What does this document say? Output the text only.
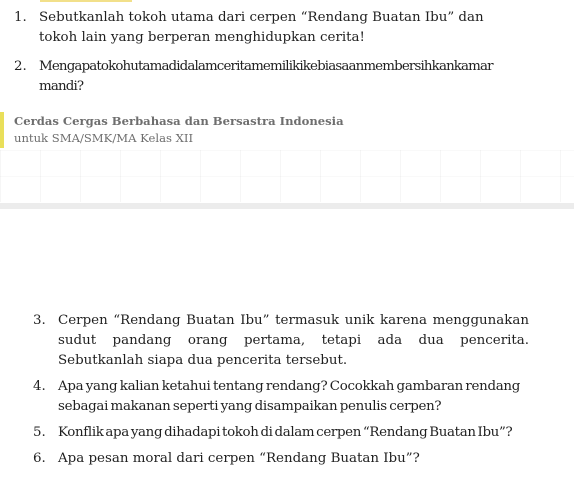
1. Sebutkanlah tokoh utama dari cerpen “Rendang Buatan Ibu” dan tokoh lain yang berperan menghidupkan cerita!
2. Mengapa tokoh utama di dalam cerita memiliki kebiasaan membersihkan kamar mandi?
Cerdas Cergas Berbahasa dan Bersastra Indonesia
untuk SMA/SMK/MA Kelas XII
3. Cerpen “Rendang Buatan Ibu” termasuk unik karena menggunakan sudut pandang orang pertama, tetapi ada dua pencerita. Sebutkanlah siapa dua pencerita tersebut.
4. Apa yang kalian ketahui tentang rendang? Cocokkah gambaran rendang sebagai makanan seperti yang disampaikan penulis cerpen?
5. Konflik apa yang dihadapi tokoh di dalam cerpen “Rendang Buatan Ibu”?
6. Apa pesan moral dari cerpen “Rendang Buatan Ibu”?
